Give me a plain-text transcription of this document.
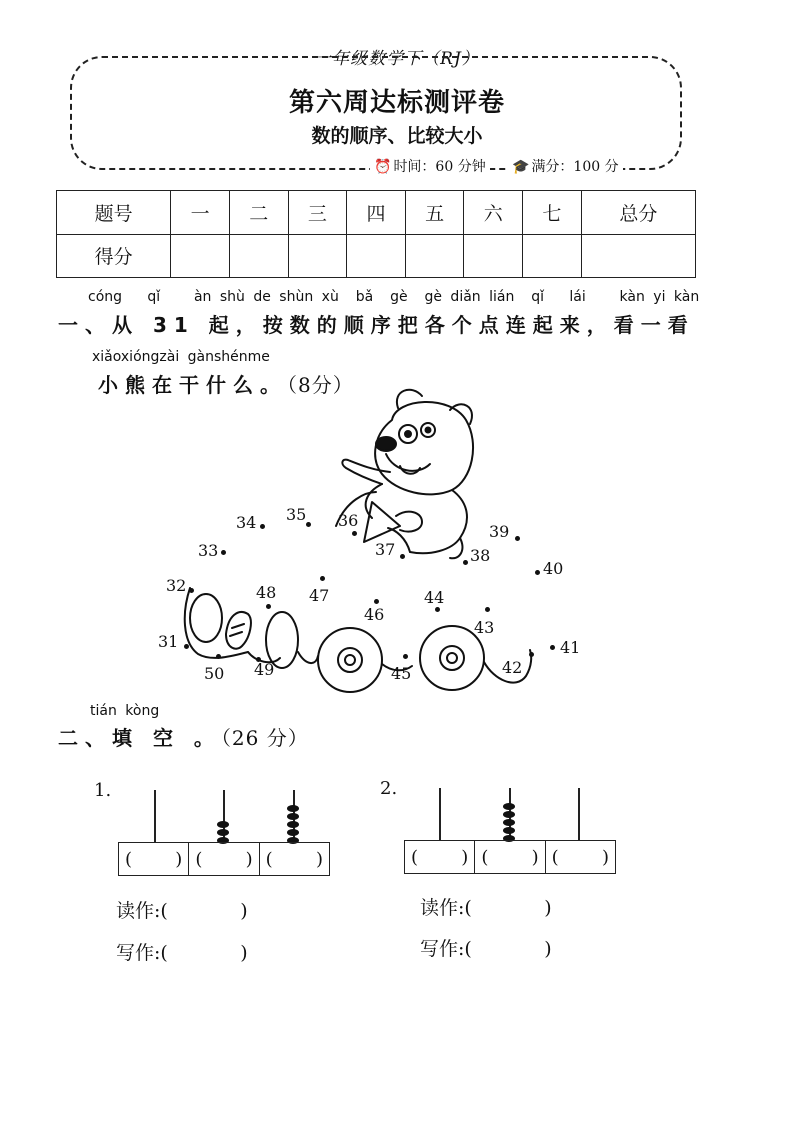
一年级数学下（RJ）
第六周达标测评卷
数的顺序、比较大小
⏰ 时间：60 分钟 🎓 满分：100 分
题号	一	二	三	四	五	六	七	总分
得分								
cóng   qǐ    àn shù de shùn xù  bǎ  gè  gè diǎn lián  qǐ   lái    kàn yi kàn
一、从 31 起，按数的顺序把各个点连起来，看一看
xiǎoxióngzài gànshénme
小熊在干什么。（8分）
31
32
33
34 35 36
37	38
39
40
41
42
43
44
45
46
47
48
49
50
tián kòng
二、填 空 。（26 分）
1.
( ) ( ) ( )
读作:(            )
写作:(            )
2.
( ) ( ) ( )
读作:(            )
写作:(            )
